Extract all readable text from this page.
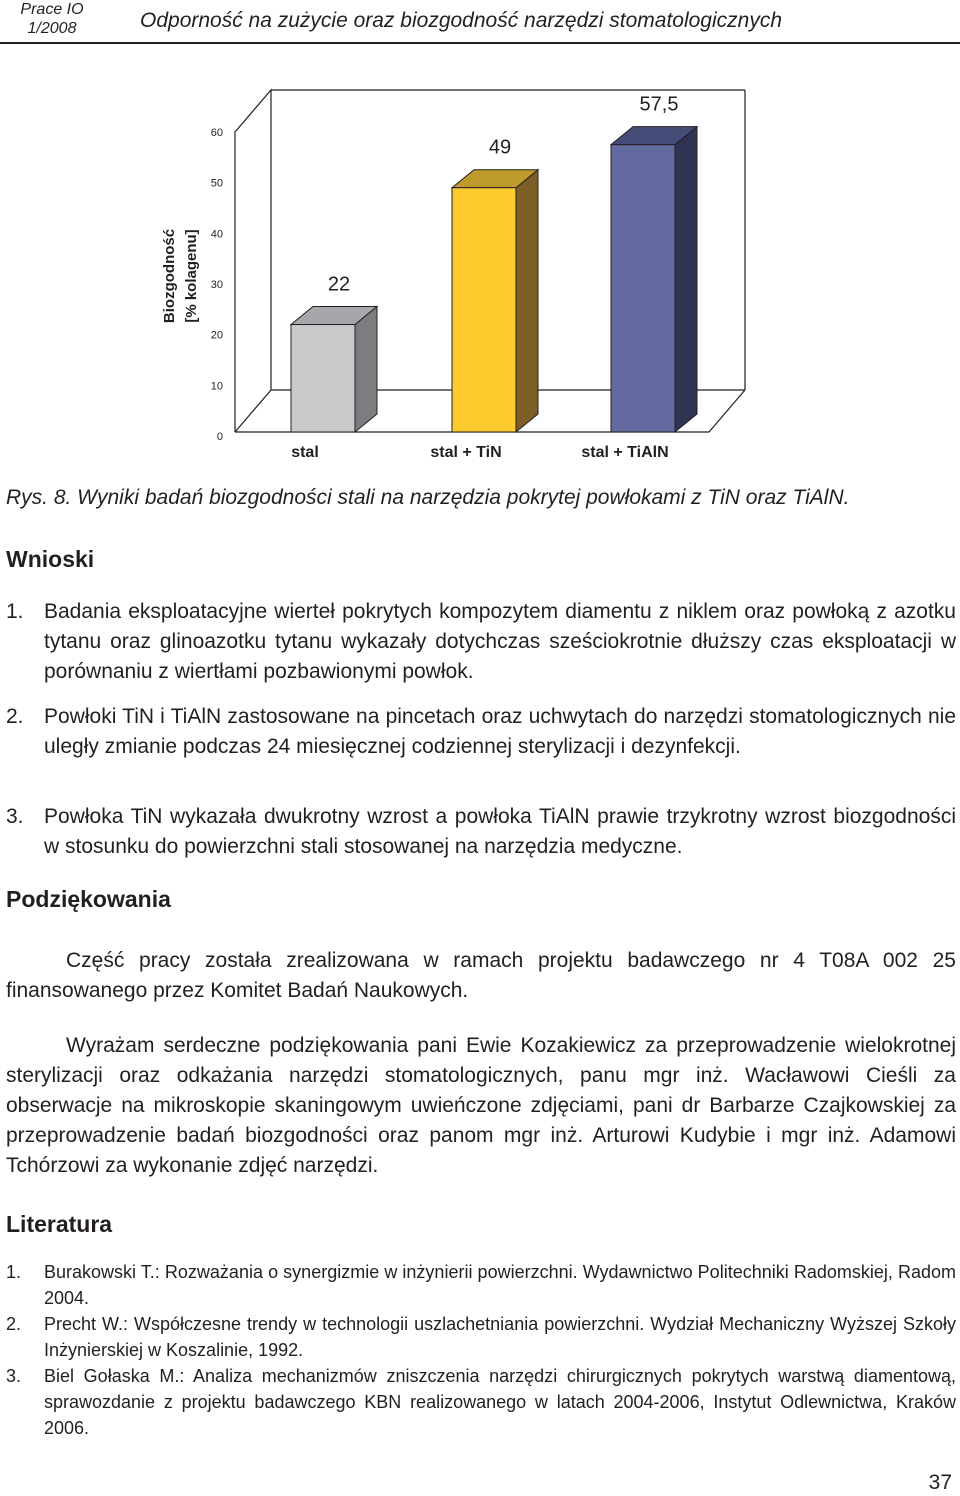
Prace IO
1/2008	Odporność na zużycie oraz biozgodność narzędzi stomatologicznych
0
10
20
30
40
50
60
22
stal
49
stal + TiN
57,5
stal + TiAlN
Biozgodność [% kolagenu]
Rys. 8. Wyniki badań biozgodności stali na narzędzia pokrytej powłokami z TiN oraz TiAlN.
Wnioski
1. Badania eksploatacyjne wierteł pokrytych kompozytem diamentu z niklem oraz powłoką z azotku tytanu oraz glinoazotku tytanu wykazały dotychczas sześciokrotnie dłuższy czas eksploatacji w porównaniu z wiertłami pozbawionymi powłok.
2. Powłoki TiN i TiAlN zastosowane na pincetach oraz uchwytach do narzędzi stomatologicznych nie uległy zmianie podczas 24 miesięcznej codziennej sterylizacji i dezynfekcji.
3. Powłoka TiN wykazała dwukrotny wzrost a powłoka TiAlN prawie trzykrotny wzrost biozgodności w stosunku do powierzchni stali stosowanej na narzędzia medyczne.
Podziękowania
Część pracy została zrealizowana w ramach projektu badawczego nr 4 T08A 002 25 finansowanego przez Komitet Badań Naukowych.
Wyrażam serdeczne podziękowania pani Ewie Kozakiewicz za przeprowadzenie wielokrotnej sterylizacji oraz odkażania narzędzi stomatologicznych, panu mgr inż. Wacławowi Cieśli za obserwacje na mikroskopie skaningowym uwieńczone zdjęciami, pani dr Barbarze Czajkowskiej za przeprowadzenie badań biozgodności oraz panom mgr inż. Arturowi Kudybie i mgr inż. Adamowi Tchórzowi za wykonanie zdjęć narzędzi.
Literatura
1. Burakowski T.: Rozważania o synergizmie w inżynierii powierzchni. Wydawnictwo Politechniki Radomskiej, Radom 2004.
2. Precht W.: Współczesne trendy w technologii uszlachetniania powierzchni. Wydział Mechaniczny Wyższej Szkoły Inżynierskiej w Koszalinie, 1992.
3. Biel Gołaska M.: Analiza mechanizmów zniszczenia narzędzi chirurgicznych pokrytych warstwą diamentową, sprawozdanie z projektu badawczego KBN realizowanego w latach 2004-2006, Instytut Odlewnictwa, Kraków 2006.
37
